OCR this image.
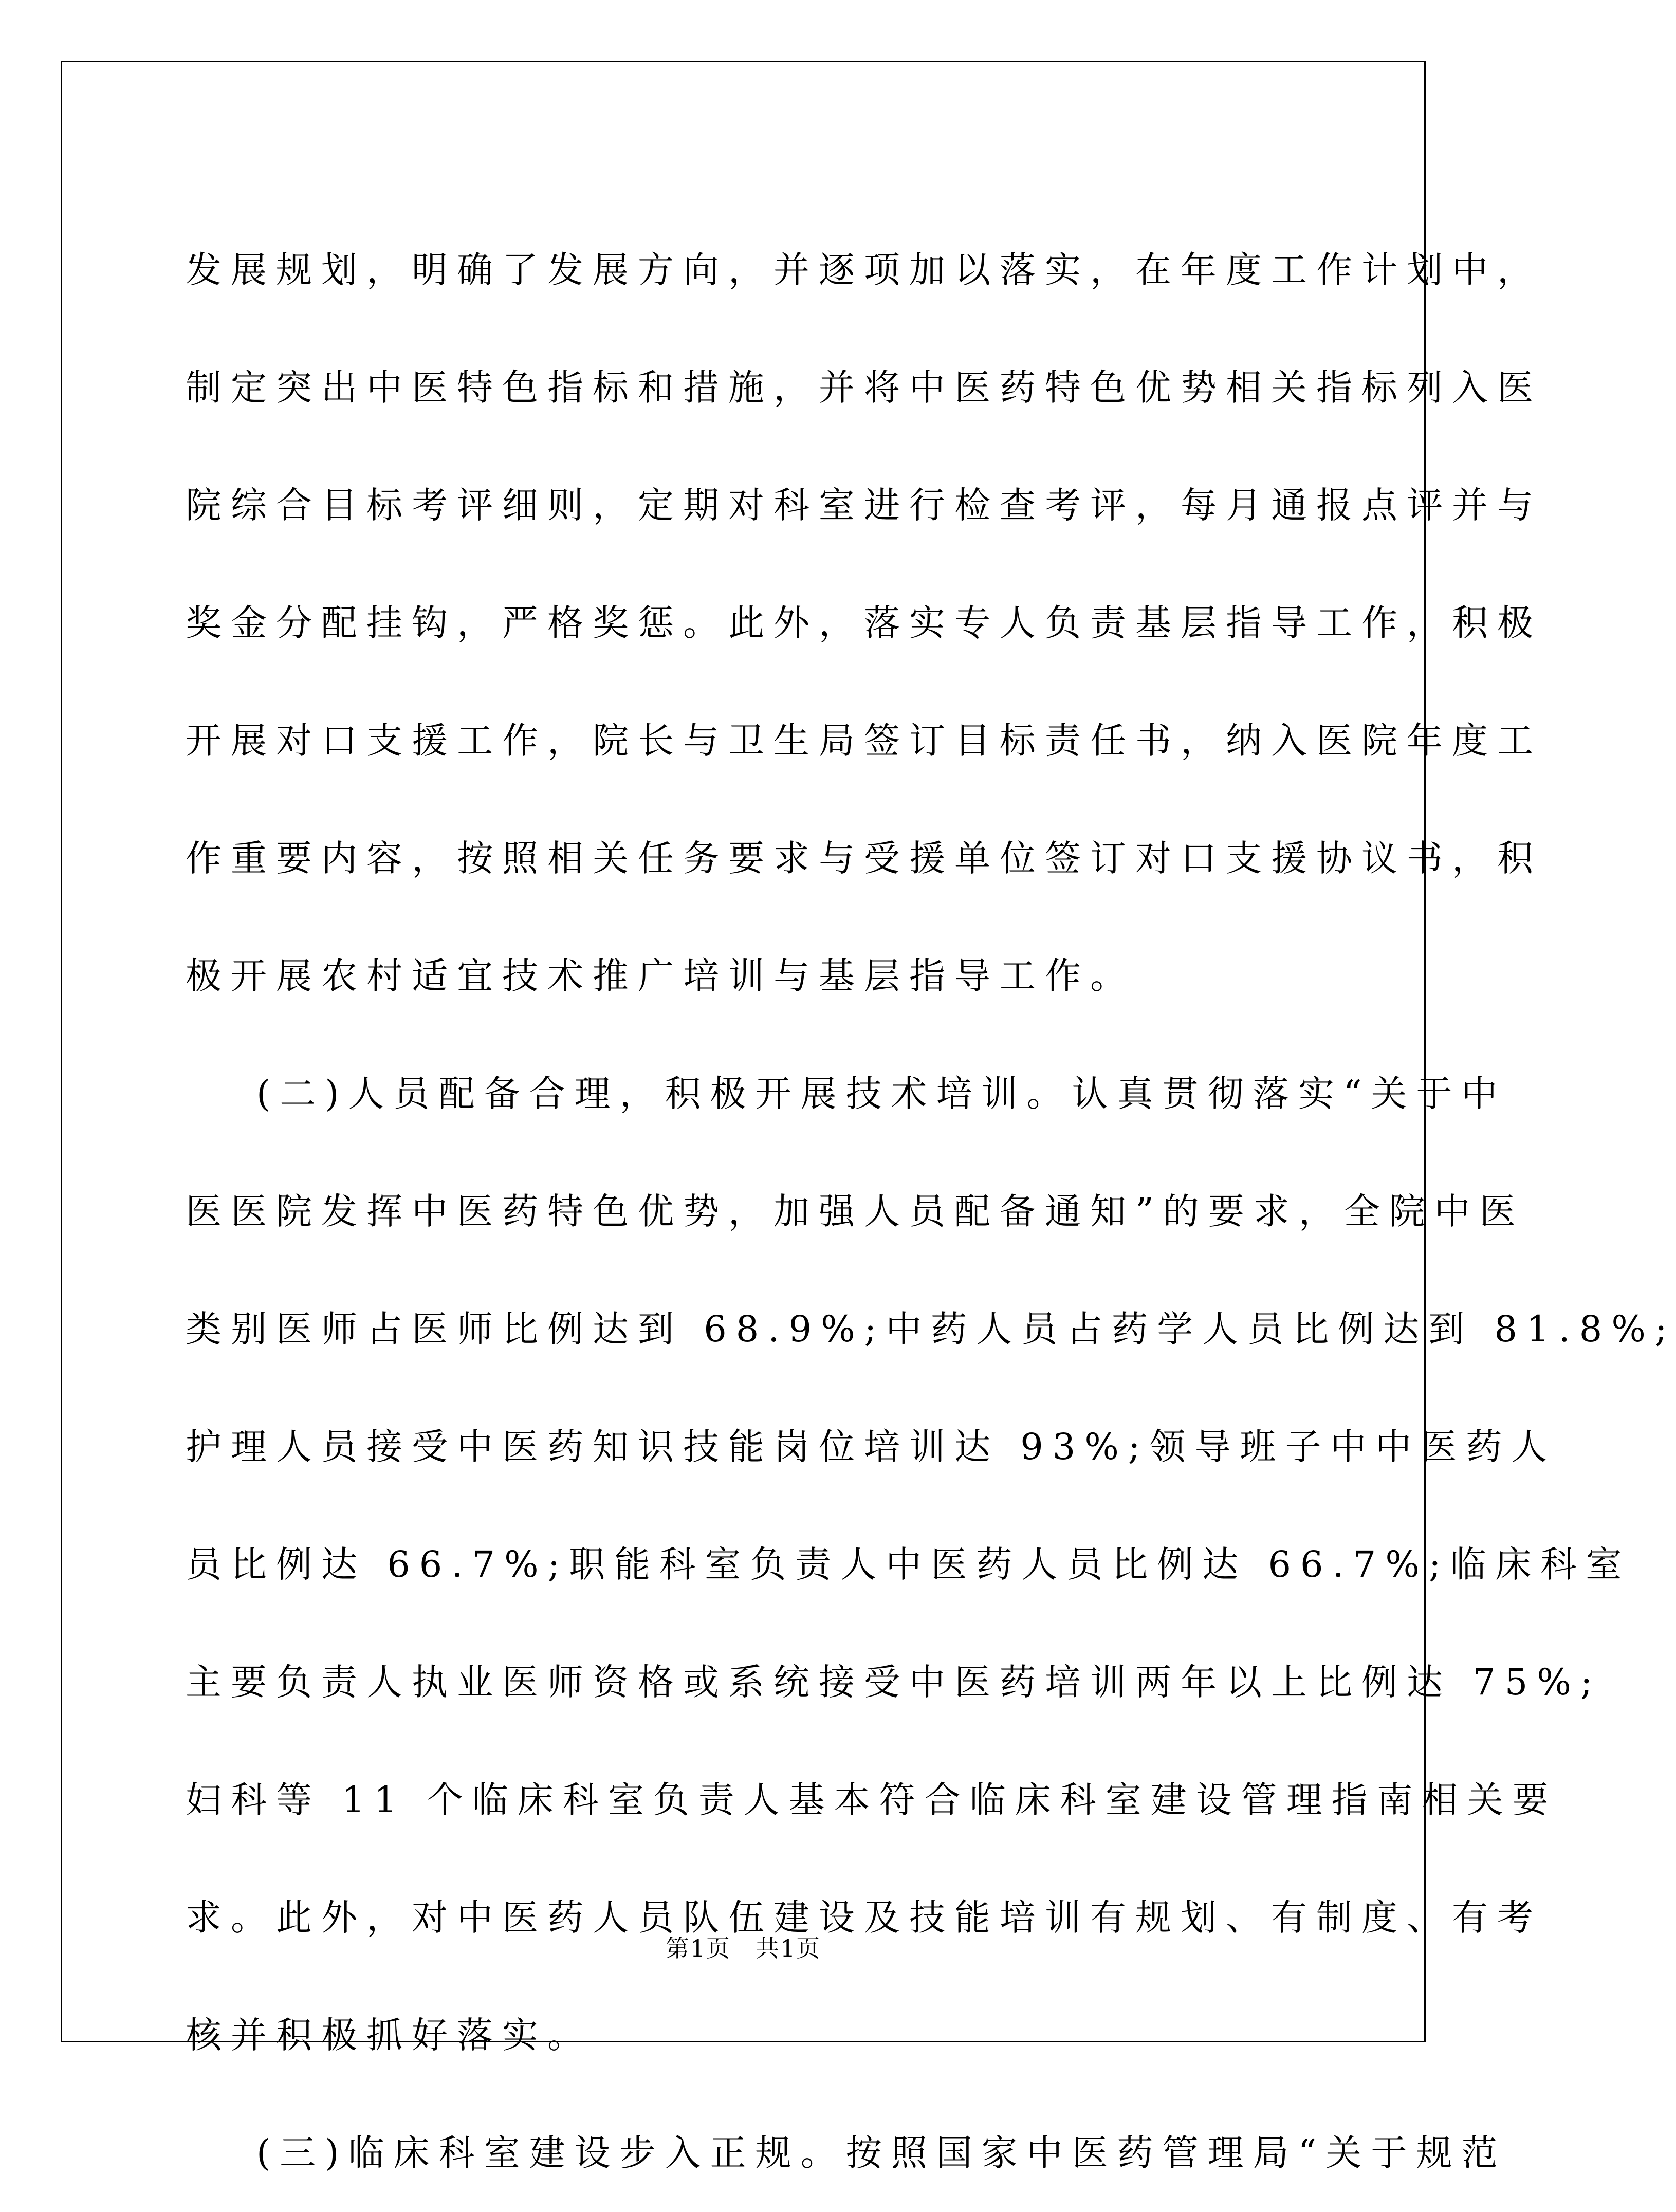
发展规划，明确了发展方向，并逐项加以落实，在年度工作计划中，
制定突出中医特色指标和措施，并将中医药特色优势相关指标列入医
院综合目标考评细则，定期对科室进行检查考评，每月通报点评并与
奖金分配挂钩，严格奖惩。此外，落实专人负责基层指导工作，积极
开展对口支援工作，院长与卫生局签订目标责任书，纳入医院年度工
作重要内容，按照相关任务要求与受援单位签订对口支援协议书，积
极开展农村适宜技术推广培训与基层指导工作。
(二)人员配备合理，积极开展技术培训。认真贯彻落实“关于中
医医院发挥中医药特色优势，加强人员配备通知”的要求，全院中医
类别医师占医师比例达到 68.9%;中药人员占药学人员比例达到 81.8%;
护理人员接受中医药知识技能岗位培训达 93%;领导班子中中医药人
员比例达 66.7%;职能科室负责人中医药人员比例达 66.7%;临床科室
主要负责人执业医师资格或系统接受中医药培训两年以上比例达 75%;
妇科等 11 个临床科室负责人基本符合临床科室建设管理指南相关要
求。此外，对中医药人员队伍建设及技能培训有规划、有制度、有考
核并积极抓好落实。
(三)临床科室建设步入正规。按照国家中医药管理局“关于规范
第1页　共1页
